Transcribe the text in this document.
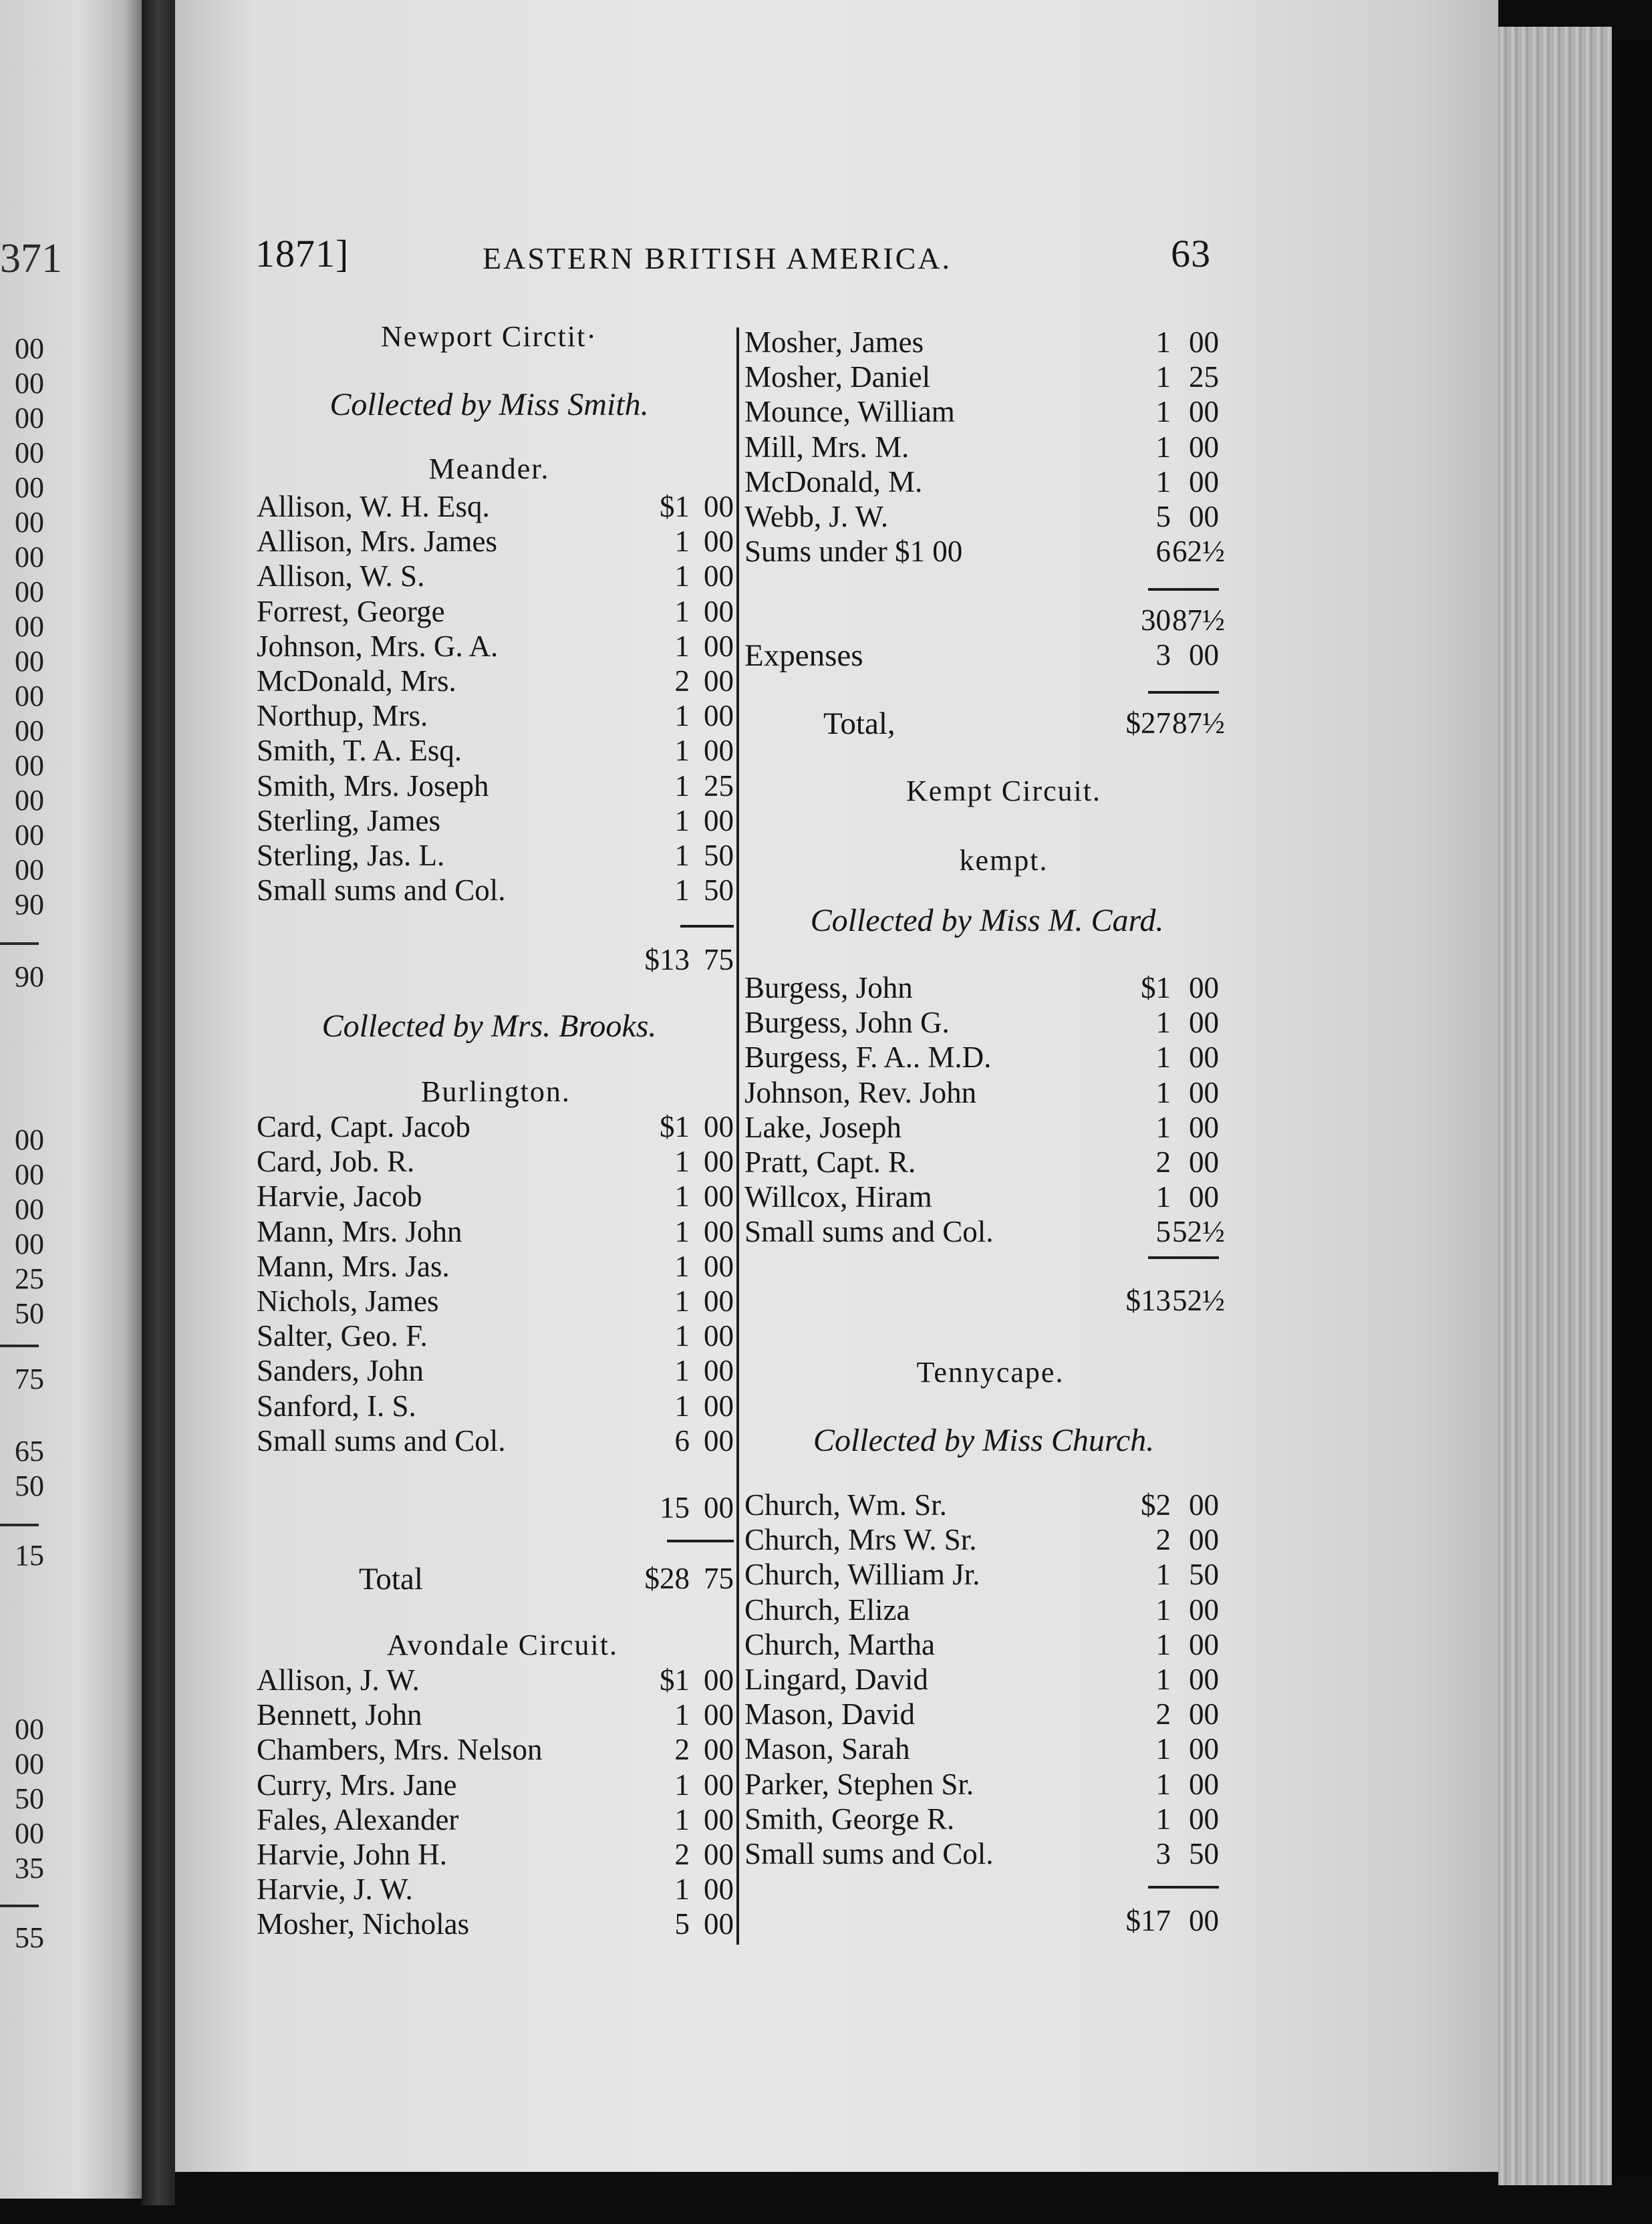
371
00
00
00
00
00
00
00
00
00
00
00
00
00
00
00
00
90
90
00
00
00
00
25
50
75
65
50
15
00
00
50
00
35
55
1871]	EASTERN BRITISH AMERICA.	63
Newport Circtit·
Collected by Miss Smith.
Meander.
Allison, W. H. Esq.	$1 00
Allison, Mrs. James	1 00
Allison, W. S.	1 00
Forrest, George	1 00
Johnson, Mrs. G. A.	1 00
McDonald, Mrs.	2 00
Northup, Mrs.	1 00
Smith, T. A. Esq.	1 00
Smith, Mrs. Joseph	1 25
Sterling, James	1 00
Sterling, Jas. L.	1 50
Small sums and Col.	1 50
$13 75
Collected by Mrs. Brooks.
Burlington.
Card, Capt. Jacob	$1 00
Card, Job. R.	1 00
Harvie, Jacob	1 00
Mann, Mrs. John	1 00
Mann, Mrs. Jas.	1 00
Nichols, James	1 00
Salter, Geo. F.	1 00
Sanders, John	1 00
Sanford, I. S.	1 00
Small sums and Col.	6 00
15 00
Total	$28 75
Avondale Circuit.
Allison, J. W.	$1 00
Bennett, John	1 00
Chambers, Mrs. Nelson	2 00
Curry, Mrs. Jane	1 00
Fales, Alexander	1 00
Harvie, John H.	2 00
Harvie, J. W.	1 00
Mosher, Nicholas	5 00
Mosher, James	1 00
Mosher, Daniel	1 25
Mounce, William	1 00
Mill, Mrs. M.	1 00
McDonald, M.	1 00
Webb, J. W.	5 00
Sums under $1 00	6 62½
30 87½
Expenses	3 00
Total,	$27 87½
Kempt Circuit.
kempt.
Collected by Miss M. Card.
Burgess, John	$1 00
Burgess, John G.	1 00
Burgess, F. A.. M.D.	1 00
Johnson, Rev. John	1 00
Lake, Joseph	1 00
Pratt, Capt. R.	2 00
Willcox, Hiram	1 00
Small sums and Col.	5 52½
$13 52½
Tennycape.
Collected by Miss Church.
Church, Wm. Sr.	$2 00
Church, Mrs W. Sr.	2 00
Church, William Jr.	1 50
Church, Eliza	1 00
Church, Martha	1 00
Lingard, David	1 00
Mason, David	2 00
Mason, Sarah	1 00
Parker, Stephen Sr.	1 00
Smith, George R.	1 00
Small sums and Col.	3 50
$17 00
